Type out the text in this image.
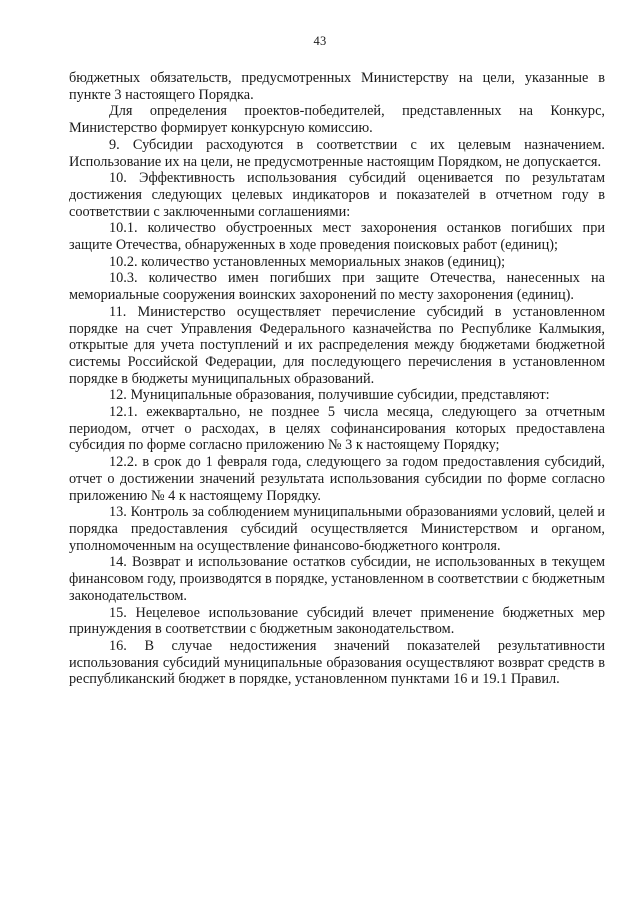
43

бюджетных обязательств, предусмотренных Министерству на цели, указанные в пункте 3 настоящего Порядка.

Для определения проектов-победителей, представленных на Конкурс, Министерство формирует конкурсную комиссию.

9. Субсидии расходуются в соответствии с их целевым назначением. Использование их на цели, не предусмотренные настоящим Порядком, не допускается.

10. Эффективность использования субсидий оценивается по результатам достижения следующих целевых индикаторов и показателей в отчетном году в соответствии с заключенными соглашениями:

10.1. количество обустроенных мест захоронения останков погибших при защите Отечества, обнаруженных в ходе проведения поисковых работ (единиц);

10.2. количество установленных мемориальных знаков (единиц);

10.3. количество имен погибших при защите Отечества, нанесенных на мемориальные сооружения воинских захоронений по месту захоронения (единиц).

11. Министерство осуществляет перечисление субсидий в установленном порядке на счет Управления Федерального казначейства по Республике Калмыкия, открытые для учета поступлений и их распределения между бюджетами бюджетной системы Российской Федерации, для последующего перечисления в установленном порядке в бюджеты муниципальных образований.

12. Муниципальные образования, получившие субсидии, представляют:

12.1. ежеквартально, не позднее 5 числа месяца, следующего за отчетным периодом, отчет о расходах, в целях софинансирования которых предоставлена субсидия по форме согласно приложению № 3 к настоящему Порядку;

12.2. в срок до 1 февраля года, следующего за годом предоставления субсидий, отчет о достижении значений результата использования субсидии по форме согласно приложению № 4 к настоящему Порядку.

13. Контроль за соблюдением муниципальными образованиями условий, целей и порядка предоставления субсидий осуществляется Министерством и органом, уполномоченным на осуществление финансово-бюджетного контроля.

14. Возврат и использование остатков субсидии, не использованных в текущем финансовом году, производятся в порядке, установленном в соответствии с бюджетным законодательством.

15. Нецелевое использование субсидий влечет применение бюджетных мер принуждения в соответствии с бюджетным законодательством.

16. В случае недостижения значений показателей результативности использования субсидий муниципальные образования осуществляют возврат средств в республиканский бюджет в порядке, установленном пунктами 16 и 19.1 Правил.
